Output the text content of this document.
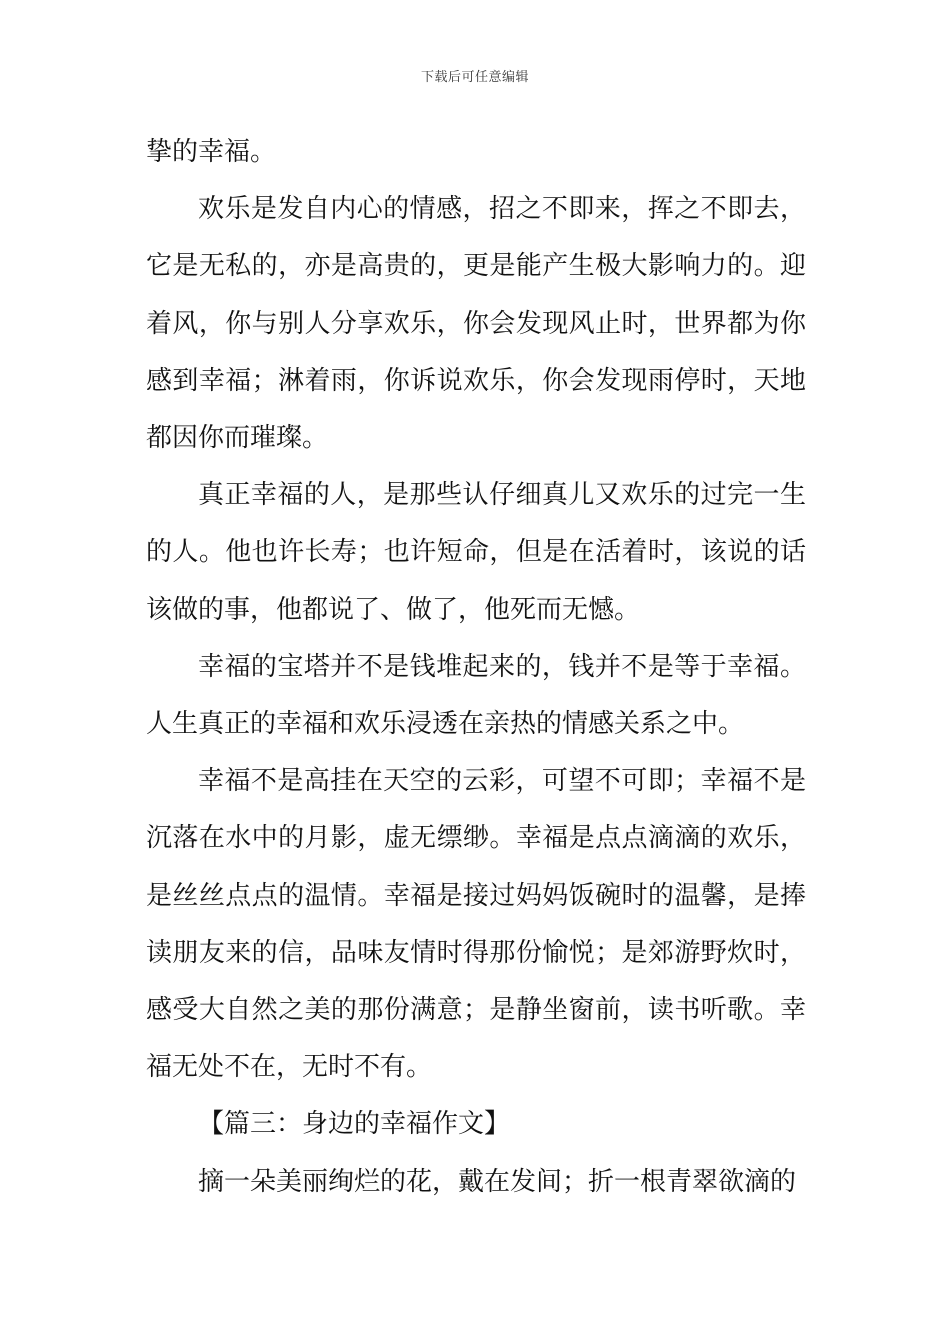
下载后可任意编辑

挚的幸福。

欢乐是发自内心的情感，招之不即来，挥之不即去，它是无私的，亦是高贵的，更是能产生极大影响力的。迎着风，你与别人分享欢乐，你会发现风止时，世界都为你感到幸福；淋着雨，你诉说欢乐，你会发现雨停时，天地都因你而璀璨。

真正幸福的人，是那些认仔细真儿又欢乐的过完一生的人。他也许长寿；也许短命，但是在活着时，该说的话该做的事，他都说了、做了，他死而无憾。

幸福的宝塔并不是钱堆起来的，钱并不是等于幸福。人生真正的幸福和欢乐浸透在亲热的情感关系之中。

幸福不是高挂在天空的云彩，可望不可即；幸福不是沉落在水中的月影，虚无缥缈。幸福是点点滴滴的欢乐，是丝丝点点的温情。幸福是接过妈妈饭碗时的温馨，是捧读朋友来的信，品味友情时得那份愉悦；是郊游野炊时，感受大自然之美的那份满意；是静坐窗前，读书听歌。幸福无处不在，无时不有。

【篇三：身边的幸福作文】

摘一朵美丽绚烂的花，戴在发间；折一根青翠欲滴的
